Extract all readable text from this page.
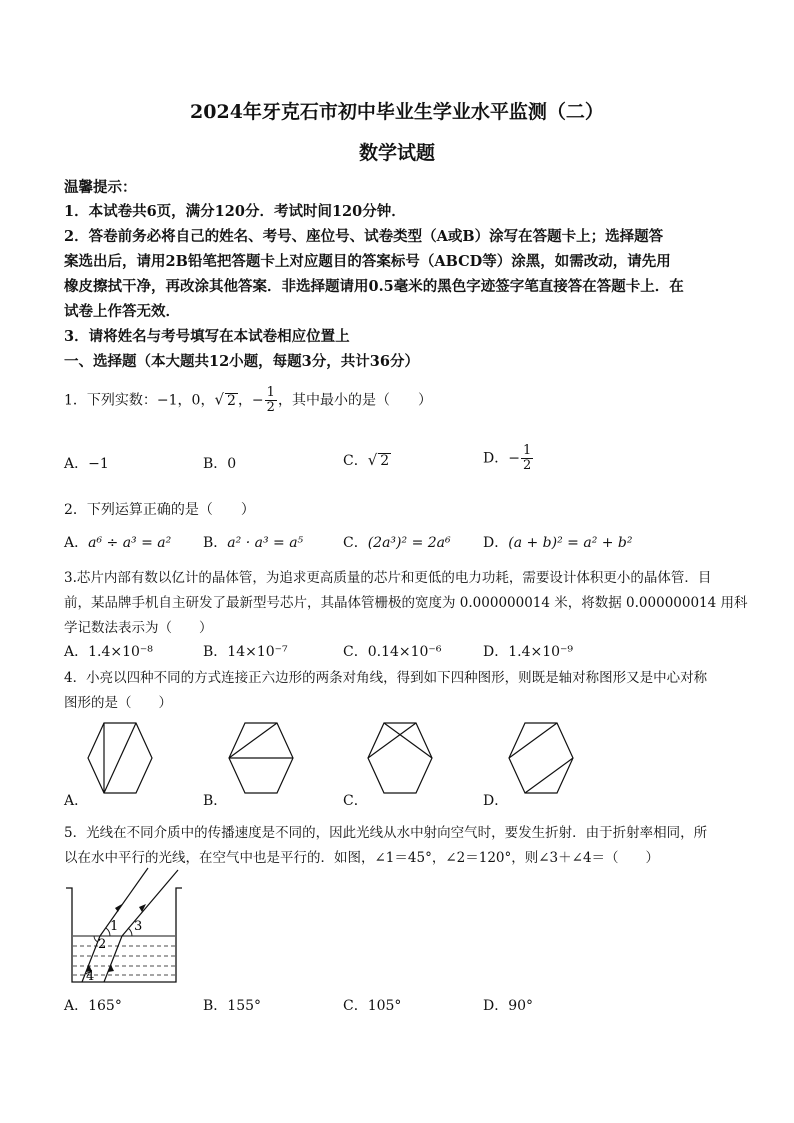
2024年牙克石市初中毕业生学业水平监测（二）
数学试题
温馨提示：
1．本试卷共6页，满分120分．考试时间120分钟．
2．答卷前务必将自己的姓名、考号、座位号、试卷类型（A或B）涂写在答题卡上；选择题答
案选出后，请用2B铅笔把答题卡上对应题目的答案标号（ABCD等）涂黑，如需改动，请先用
橡皮擦拭干净，再改涂其他答案．非选择题请用0.5毫米的黑色字迹签字笔直接答在答题卡上．在
试卷上作答无效．
3．请将姓名与考号填写在本试卷相应位置上
一、选择题（本大题共12小题，每题3分，共计36分）
1．下列实数：−1，0，√ 2 ，− $\frac{1}{2}$ ，其中最小的是（　　）
A．−1	B．0	C．√ 2	D．− $\frac{1}{2}$
2．下列运算正确的是（　　）
A．a⁶ ÷ a³ = a² B．a² · a³ = a⁵	C．(2a³)² = 2a⁶ D．(a + b)² = a² + b²
3.芯片内部有数以亿计的晶体管，为追求更高质量的芯片和更低的电力功耗，需要设计体积更小的晶体管．目
前，某品牌手机自主研发了最新型号芯片，其晶体管栅极的宽度为 0.000000014 米，将数据 0.000000014 用科
学记数法表示为（　　）
A．1.4×10⁻⁸	B．14×10⁻⁷	C．0.14×10⁻⁶	D．1.4×10⁻⁹
4．小亮以四种不同的方式连接正六边形的两条对角线，得到如下四种图形，则既是轴对称图形又是中心对称
图形的是（　　）
A．	B．	C．	D．
5．光线在不同介质中的传播速度是不同的，因此光线从水中射向空气时，要发生折射．由于折射率相同，所
以在水中平行的光线，在空气中也是平行的．如图，∠1＝45°，∠2＝120°，则∠3＋∠4＝（　　）
1 3
2
4
A．165°	B．155°	C．105°	D．90°
